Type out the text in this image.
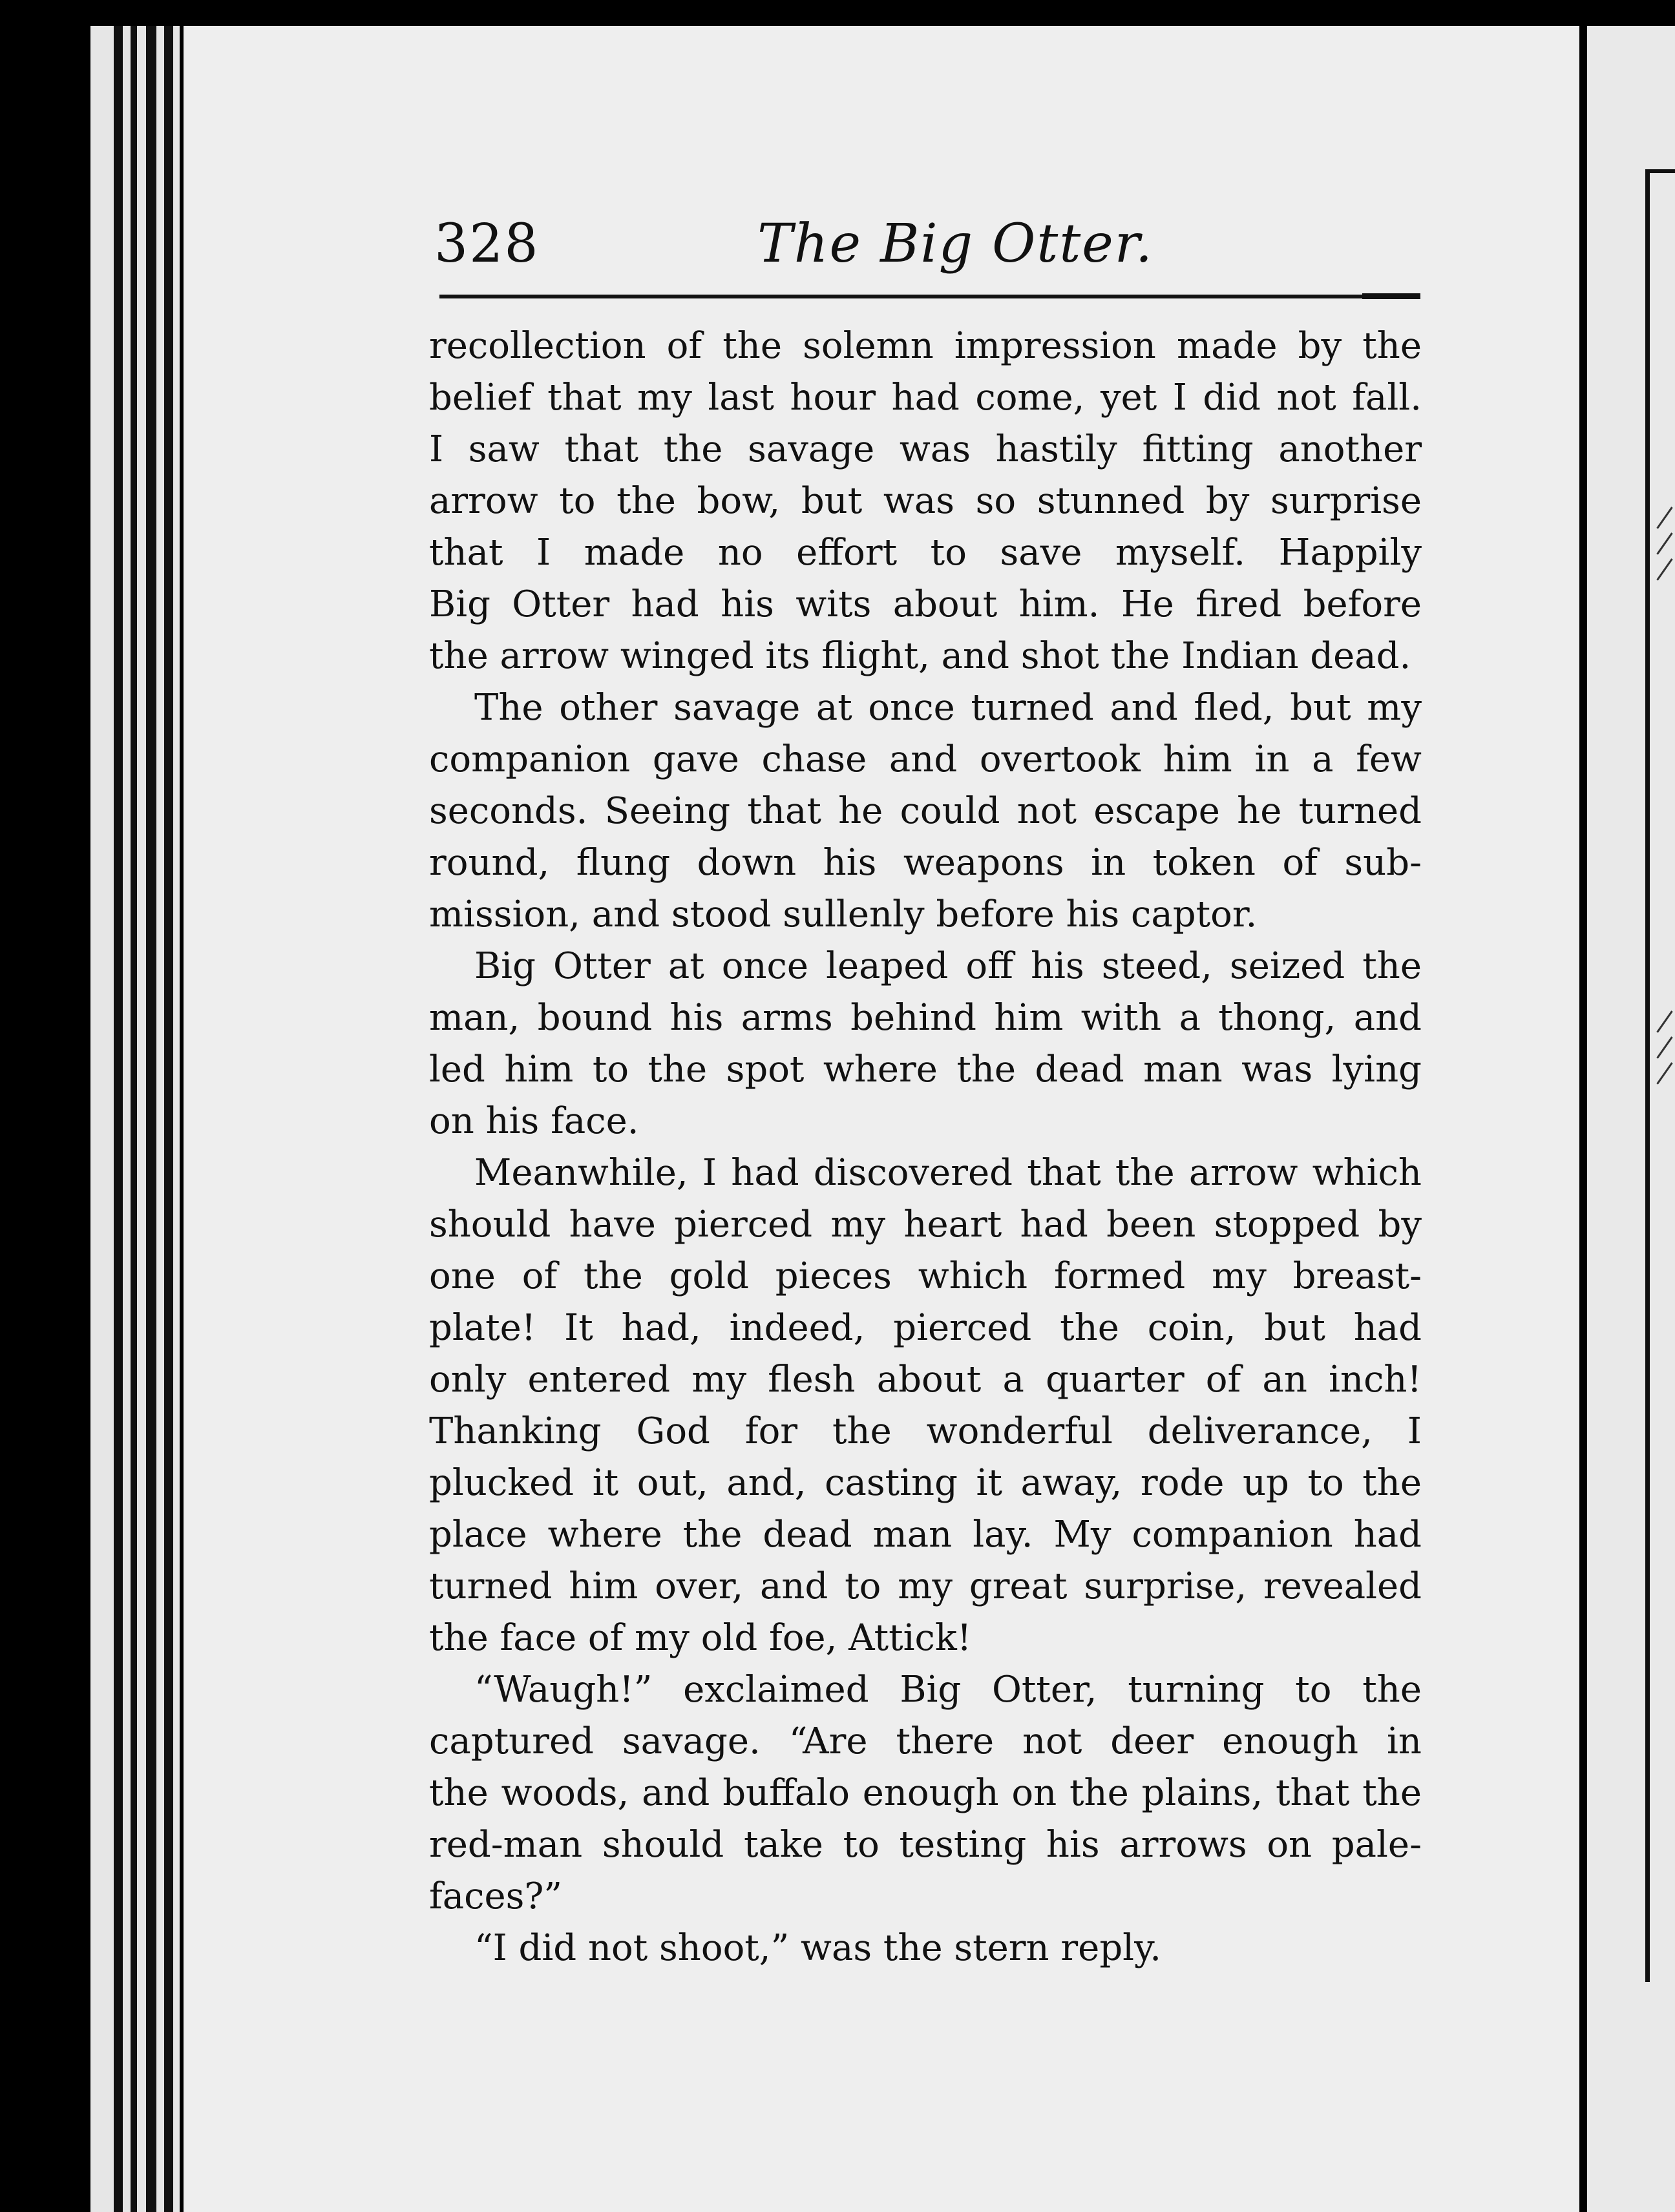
328	The Big Otter.
recollection of the solemn impression made by the
belief that my last hour had come, yet I did not fall.
I saw that the savage was hastily fitting another
arrow to the bow, but was so stunned by surprise
that I made no effort to save myself. Happily
Big Otter had his wits about him. He fired before
the arrow winged its flight, and shot the Indian dead.
The other savage at once turned and fled, but my
companion gave chase and overtook him in a few
seconds. Seeing that he could not escape he turned
round, flung down his weapons in token of sub-
mission, and stood sullenly before his captor.
Big Otter at once leaped off his steed, seized the
man, bound his arms behind him with a thong, and
led him to the spot where the dead man was lying
on his face.
Meanwhile, I had discovered that the arrow which
should have pierced my heart had been stopped by
one of the gold pieces which formed my breast-
plate! It had, indeed, pierced the coin, but had
only entered my flesh about a quarter of an inch!
Thanking God for the wonderful deliverance, I
plucked it out, and, casting it away, rode up to the
place where the dead man lay. My companion had
turned him over, and to my great surprise, revealed
the face of my old foe, Attick!
“Waugh!” exclaimed Big Otter, turning to the
captured savage. “Are there not deer enough in
the woods, and buffalo enough on the plains, that the
red-man should take to testing his arrows on pale-
faces?”
“I did not shoot,” was the stern reply.
